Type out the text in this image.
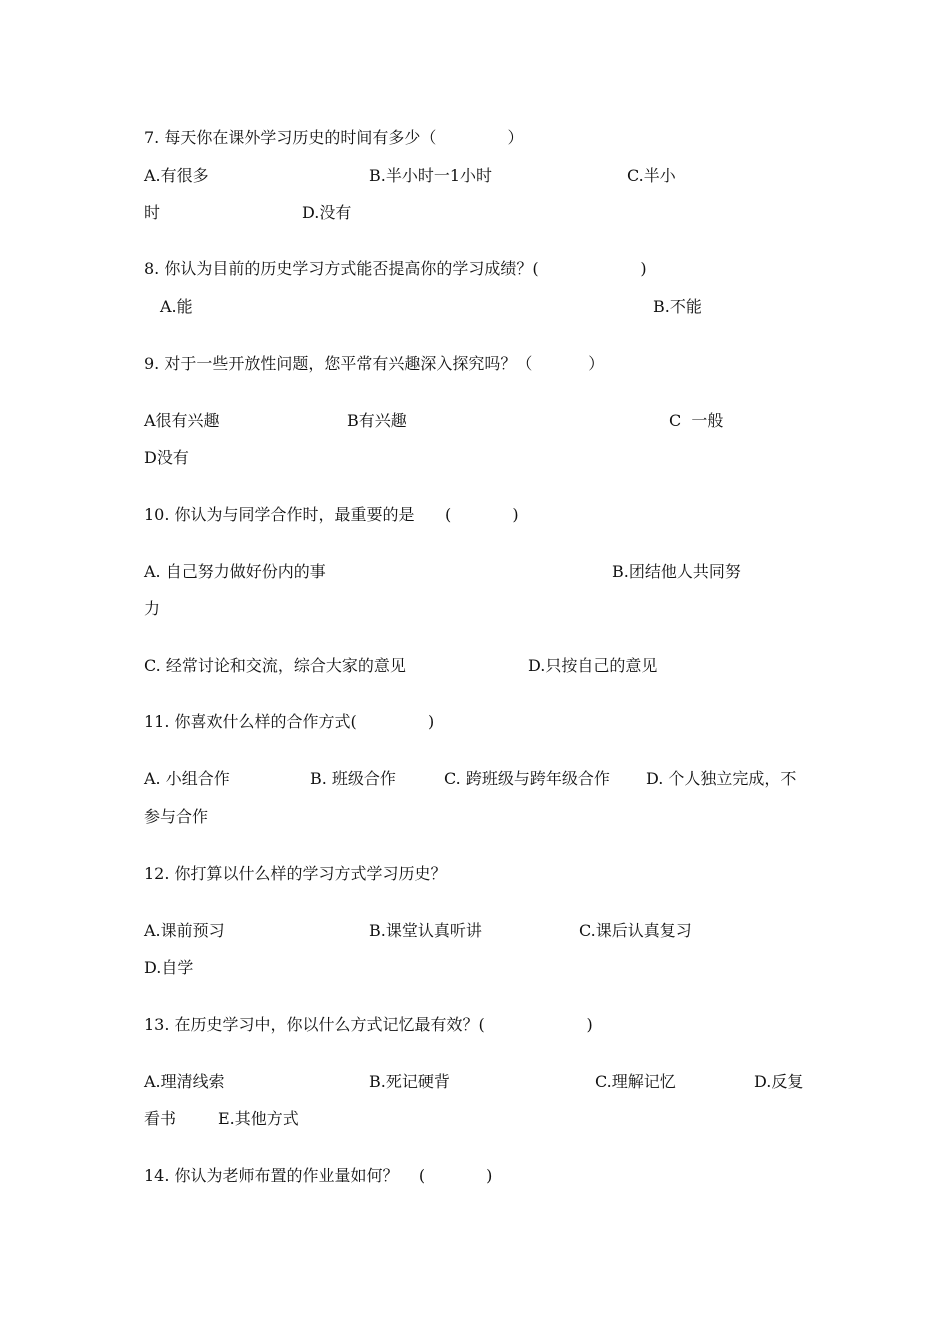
7. 每天你在课外学习历史的时间有多少（              ）

A.有很多	B.半小时一1小时	C.半小

时	D.没有

8. 你认为目前的历史学习方式能否提高你的学习成绩？(                    )

A.能	B.不能

9. 对于一些开放性问题，您平常有兴趣深入探究吗？（           ）

A很有兴趣	B有兴趣	C  一般

D没有

10. 你认为与同学合作时，最重要的是      (            )

A. 自己努力做好份内的事	B.团结他人共同努

力

C. 经常讨论和交流，综合大家的意见	D.只按自己的意见

11. 你喜欢什么样的合作方式(              )

A. 小组合作	B. 班级合作	C. 跨班级与跨年级合作 D. 个人独立完成，不

参与合作

12. 你打算以什么样的学习方式学习历史？

A.课前预习	B.课堂认真听讲	C.课后认真复习

D.自学

13. 在历史学习中，你以什么方式记忆最有效？(                    )

A.理清线索	B.死记硬背	C.理解记忆	D.反复

看书	E.其他方式

14. 你认为老师布置的作业量如何？    (            )
